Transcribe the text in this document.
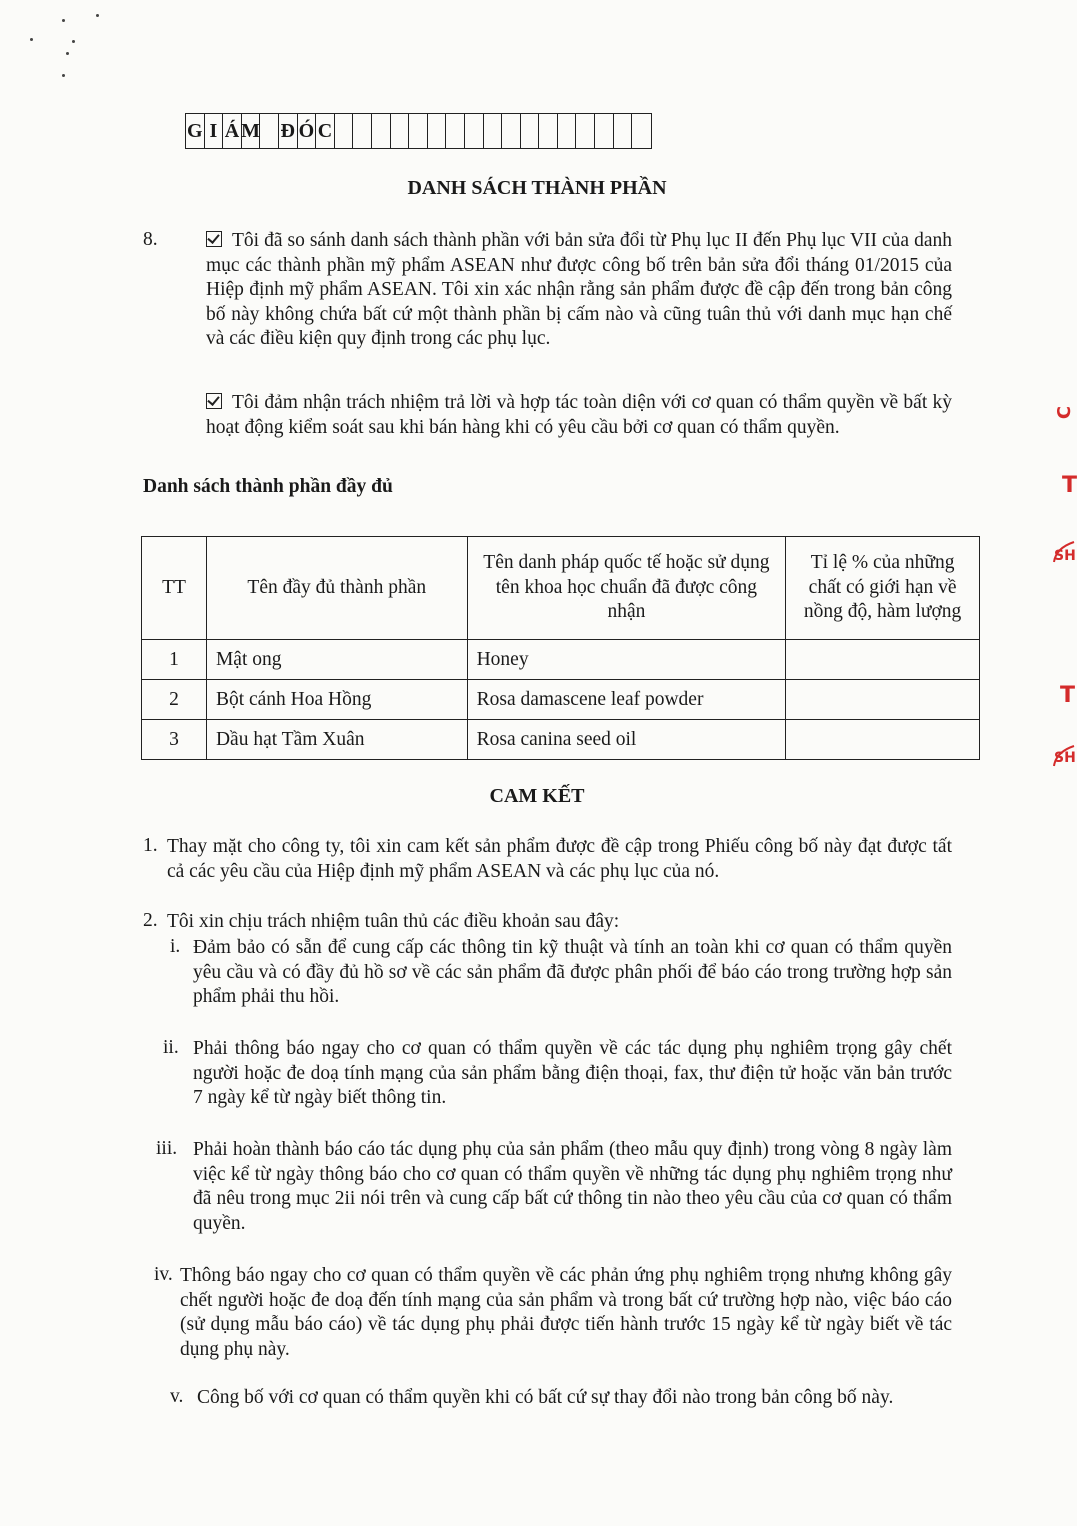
G I Á M Đ Ó C
DANH SÁCH THÀNH PHẦN
8.	Tôi đã so sánh danh sách thành phần với bản sửa đổi từ Phụ lục II đến Phụ lục VII của danh mục các thành phần mỹ phẩm ASEAN như được công bố trên bản sửa đổi tháng 01/2015 của Hiệp định mỹ phẩm ASEAN. Tôi xin xác nhận rằng sản phẩm được đề cập đến trong bản công bố này không chứa bất cứ một thành phần bị cấm nào và cũng tuân thủ với danh mục hạn chế và các điều kiện quy định trong các phụ lục.
Tôi đảm nhận trách nhiệm trả lời và hợp tác toàn diện với cơ quan có thẩm quyền về bất kỳ hoạt động kiểm soát sau khi bán hàng khi có yêu cầu bởi cơ quan có thẩm quyền.
Danh sách thành phần đầy đủ
TT	Tên đầy đủ thành phần	Tên danh pháp quốc tế hoặc sử dụng tên khoa học chuẩn đã được công nhận	Tỉ lệ % của những chất có giới hạn về nồng độ, hàm lượng
1	Mật ong	Honey	
2	Bột cánh Hoa Hồng	Rosa damascene leaf powder	
3	Dầu hạt Tầm Xuân	Rosa canina seed oil	
CAM KẾT
1. Thay mặt cho công ty, tôi xin cam kết sản phẩm được đề cập trong Phiếu công bố này đạt được tất cả các yêu cầu của Hiệp định mỹ phẩm ASEAN và các phụ lục của nó.
2. Tôi xin chịu trách nhiệm tuân thủ các điều khoản sau đây:
i. Đảm bảo có sẵn để cung cấp các thông tin kỹ thuật và tính an toàn khi cơ quan có thẩm quyền yêu cầu và có đầy đủ hồ sơ về các sản phẩm đã được phân phối để báo cáo trong trường hợp sản phẩm phải thu hồi.
ii. Phải thông báo ngay cho cơ quan có thẩm quyền về các tác dụng phụ nghiêm trọng gây chết người hoặc đe doạ tính mạng của sản phẩm bằng điện thoại, fax, thư điện tử hoặc văn bản trước 7 ngày kể từ ngày biết thông tin.
iii. Phải hoàn thành báo cáo tác dụng phụ của sản phẩm (theo mẫu quy định) trong vòng 8 ngày làm việc kể từ ngày thông báo cho cơ quan có thẩm quyền về những tác dụng phụ nghiêm trọng như đã nêu trong mục 2ii nói trên và cung cấp bất cứ thông tin nào theo yêu cầu của cơ quan có thẩm quyền.
iv. Thông báo ngay cho cơ quan có thẩm quyền về các phản ứng phụ nghiêm trọng nhưng không gây chết người hoặc đe doạ đến tính mạng của sản phẩm và trong bất cứ trường hợp nào, việc báo cáo (sử dụng mẫu báo cáo) về tác dụng phụ phải được tiến hành trước 15 ngày kể từ ngày biết về tác dụng phụ này.
v. Công bố với cơ quan có thẩm quyền khi có bất cứ sự thay đổi nào trong bản công bố này.
C
T
SH
T
SH
